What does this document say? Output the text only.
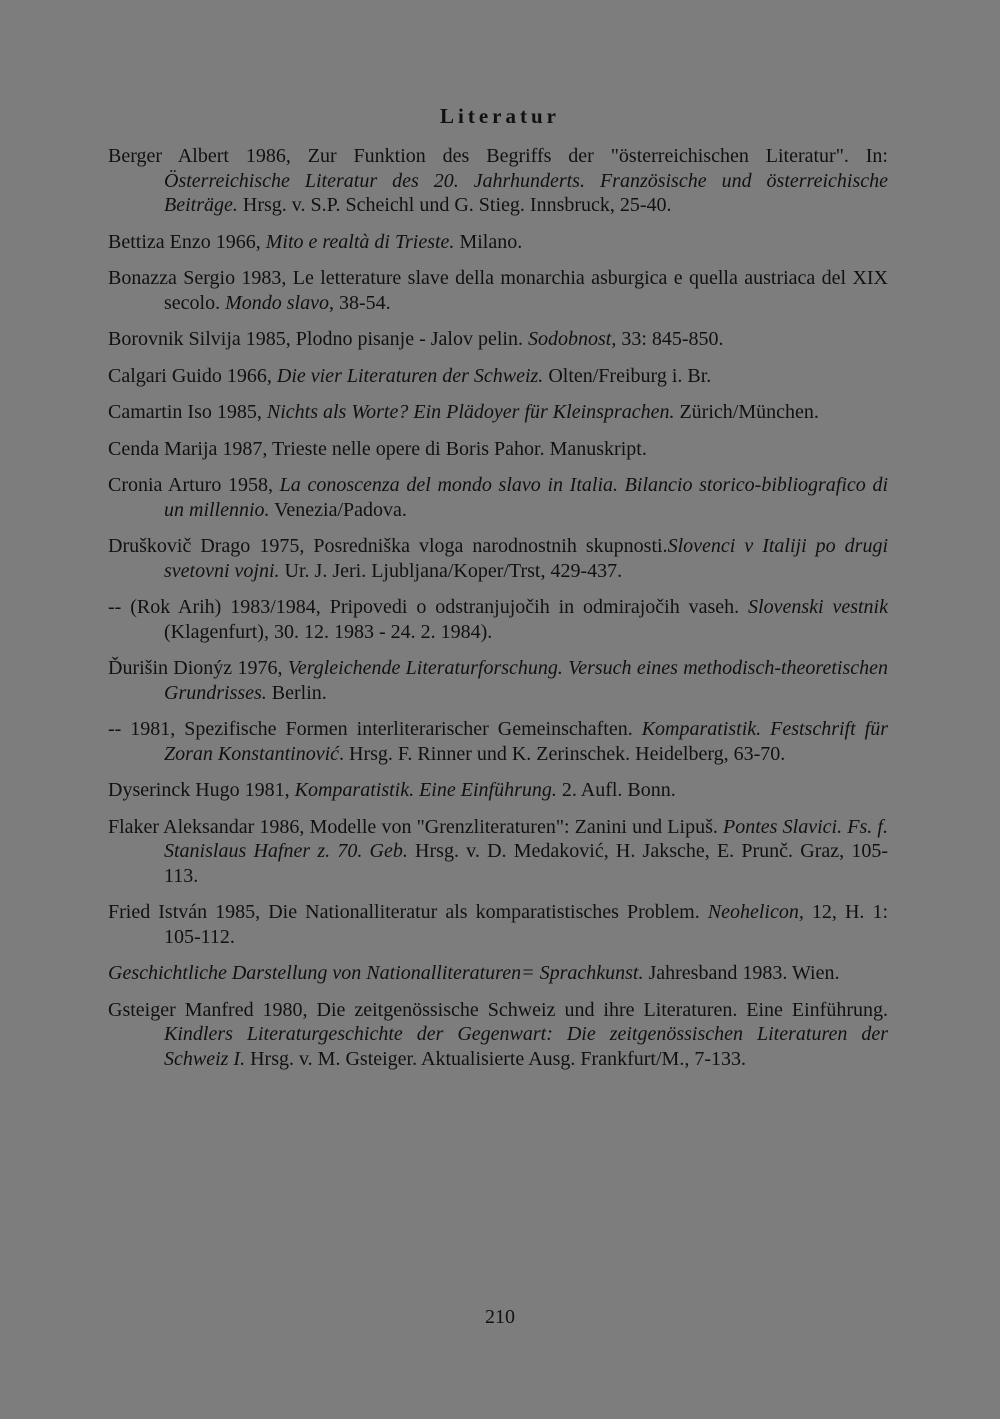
Literatur
Berger Albert 1986, Zur Funktion des Begriffs der "österreichischen Literatur". In: Österreichische Literatur des 20. Jahrhunderts. Französische und österreichische Beiträge. Hrsg. v. S.P. Scheichl und G. Stieg. Innsbruck, 25-40.
Bettiza Enzo 1966, Mito e realtà di Trieste. Milano.
Bonazza Sergio 1983, Le letterature slave della monarchia asburgica e quella austriaca del XIX secolo. Mondo slavo, 38-54.
Borovnik Silvija 1985, Plodno pisanje - Jalov pelin. Sodobnost, 33: 845-850.
Calgari Guido 1966, Die vier Literaturen der Schweiz. Olten/Freiburg i. Br.
Camartin Iso 1985, Nichts als Worte? Ein Plädoyer für Kleinsprachen. Zürich/München.
Cenda Marija 1987, Trieste nelle opere di Boris Pahor. Manuskript.
Cronia Arturo 1958, La conoscenza del mondo slavo in Italia. Bilancio storico-bibliografico di un millennio. Venezia/Padova.
Druškovič Drago 1975, Posredniška vloga narodnostnih skupnosti.Slovenci v Italiji po drugi svetovni vojni. Ur. J. Jeri. Ljubljana/Koper/Trst, 429-437.
-- (Rok Arih) 1983/1984, Pripovedi o odstranjujočih in odmirajočih vaseh. Slovenski vestnik (Klagenfurt), 30. 12. 1983 - 24. 2. 1984).
Ďurišin Dionýz 1976, Vergleichende Literaturforschung. Versuch eines methodisch-theoretischen Grundrisses. Berlin.
-- 1981, Spezifische Formen interliterarischer Gemeinschaften. Komparatistik. Festschrift für Zoran Konstantinović. Hrsg. F. Rinner und K. Zerinschek. Heidelberg, 63-70.
Dyserinck Hugo 1981, Komparatistik. Eine Einführung. 2. Aufl. Bonn.
Flaker Aleksandar 1986, Modelle von "Grenzliteraturen": Zanini und Lipuš. Pontes Slavici. Fs. f. Stanislaus Hafner z. 70. Geb. Hrsg. v. D. Medaković, H. Jaksche, E. Prunč. Graz, 105-113.
Fried István 1985, Die Nationalliteratur als komparatistisches Problem. Neohelicon, 12, H. 1: 105-112.
Geschichtliche Darstellung von Nationalliteraturen= Sprachkunst. Jahresband 1983. Wien.
Gsteiger Manfred 1980, Die zeitgenössische Schweiz und ihre Literaturen. Eine Einführung. Kindlers Literaturgeschichte der Gegenwart: Die zeitgenössischen Literaturen der Schweiz I. Hrsg. v. M. Gsteiger. Aktualisierte Ausg. Frankfurt/M., 7-133.
210
